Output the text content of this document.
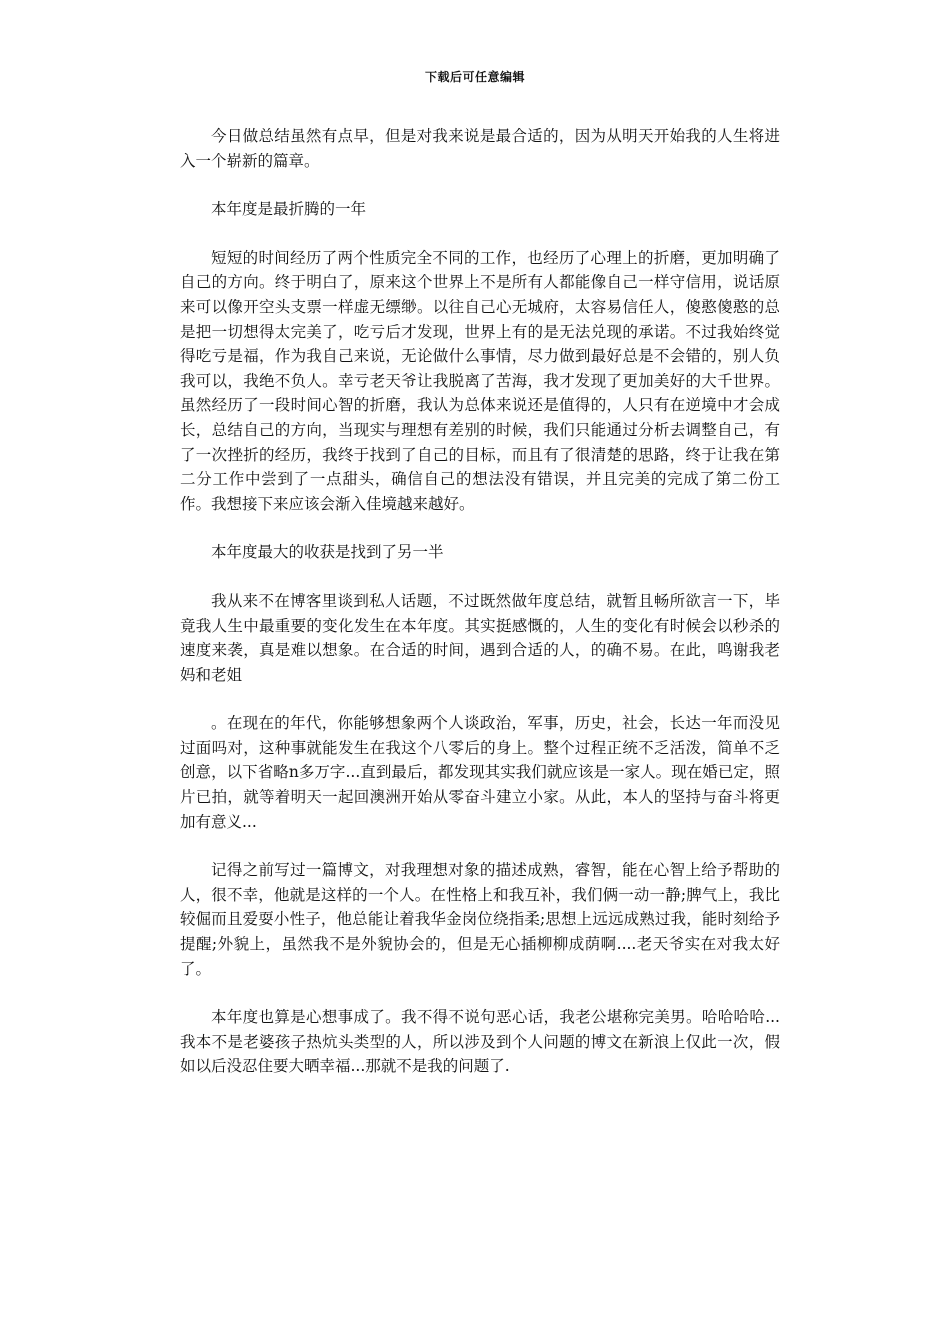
下载后可任意编辑

今日做总结虽然有点早，但是对我来说是最合适的，因为从明天开始我的人生将进入一个崭新的篇章。

本年度是最折腾的一年

短短的时间经历了两个性质完全不同的工作，也经历了心理上的折磨，更加明确了自己的方向。终于明白了，原来这个世界上不是所有人都能像自己一样守信用，说话原来可以像开空头支票一样虚无缥缈。以往自己心无城府，太容易信任人，傻憨傻憨的总是把一切想得太完美了，吃亏后才发现，世界上有的是无法兑现的承诺。不过我始终觉得吃亏是福，作为我自己来说，无论做什么事情，尽力做到最好总是不会错的，别人负我可以，我绝不负人。幸亏老天爷让我脱离了苦海，我才发现了更加美好的大千世界。虽然经历了一段时间心智的折磨，我认为总体来说还是值得的，人只有在逆境中才会成长，总结自己的方向，当现实与理想有差别的时候，我们只能通过分析去调整自己，有了一次挫折的经历，我终于找到了自己的目标，而且有了很清楚的思路，终于让我在第二分工作中尝到了一点甜头，确信自己的想法没有错误，并且完美的完成了第二份工作。我想接下来应该会渐入佳境越来越好。

本年度最大的收获是找到了另一半

我从来不在博客里谈到私人话题，不过既然做年度总结，就暂且畅所欲言一下，毕竟我人生中最重要的变化发生在本年度。其实挺感慨的，人生的变化有时候会以秒杀的速度来袭，真是难以想象。在合适的时间，遇到合适的人，的确不易。在此，鸣谢我老妈和老姐

。在现在的年代，你能够想象两个人谈政治，军事，历史，社会，长达一年而没见过面吗对，这种事就能发生在我这个八零后的身上。整个过程正统不乏活泼，简单不乏创意，以下省略n多万字...直到最后，都发现其实我们就应该是一家人。现在婚已定，照片已拍，就等着明天一起回澳洲开始从零奋斗建立小家。从此，本人的坚持与奋斗将更加有意义...

记得之前写过一篇博文，对我理想对象的描述成熟，睿智，能在心智上给予帮助的人，很不幸，他就是这样的一个人。在性格上和我互补，我们俩一动一静;脾气上，我比较倔而且爱耍小性子，他总能让着我华金岗位绕指柔;思想上远远成熟过我，能时刻给予提醒;外貌上，虽然我不是外貌协会的，但是无心插柳柳成荫啊....老天爷实在对我太好了。

本年度也算是心想事成了。我不得不说句恶心话，我老公堪称完美男。哈哈哈哈...我本不是老婆孩子热炕头类型的人，所以涉及到个人问题的博文在新浪上仅此一次，假如以后没忍住要大晒幸福...那就不是我的问题了.
